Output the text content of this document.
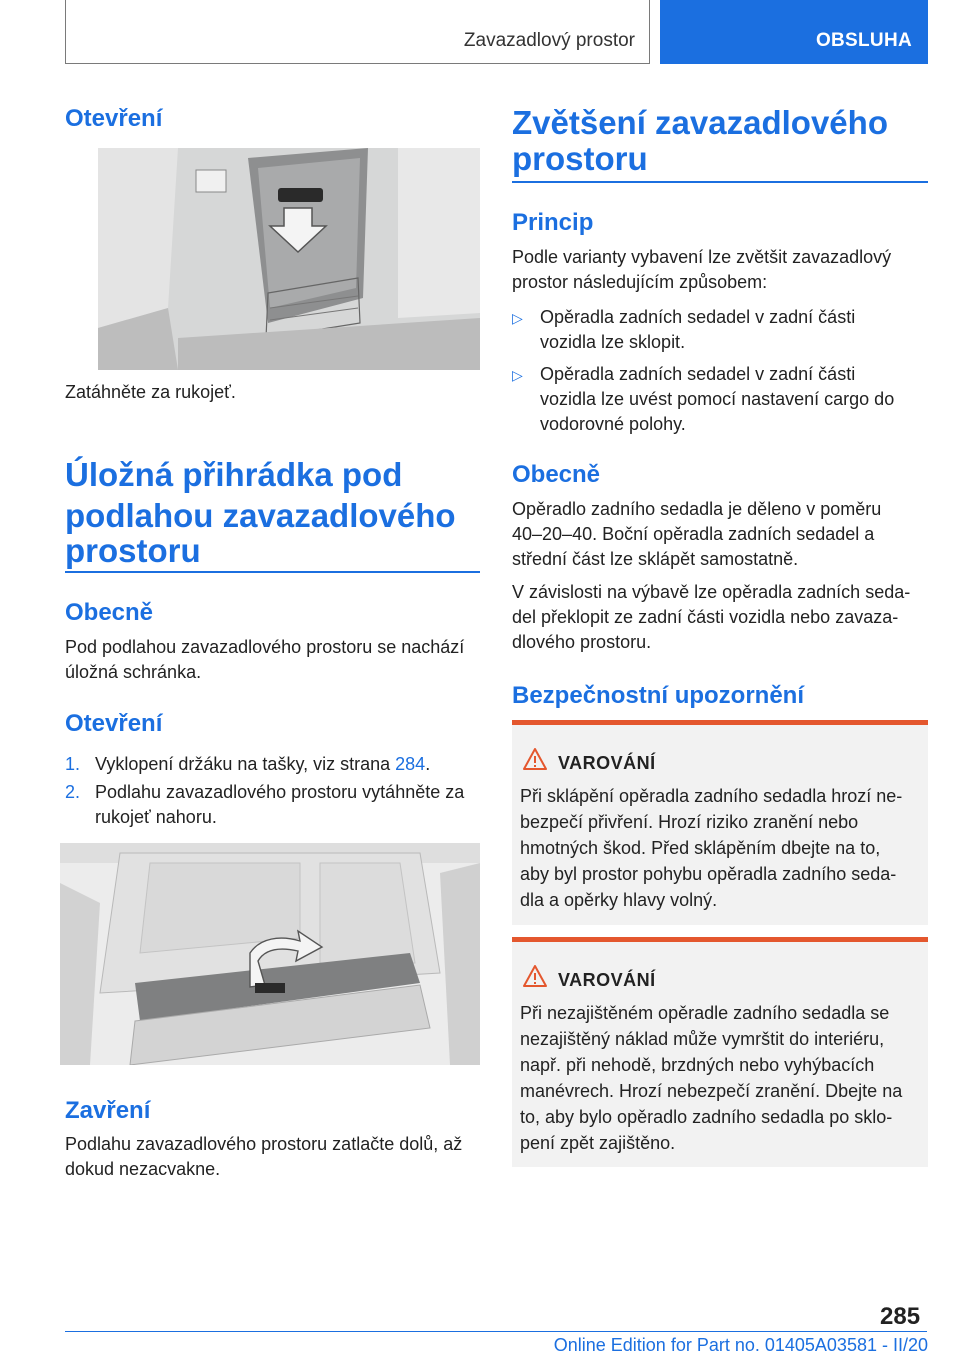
Zavazadlový prostor	OBSLUHA
Otevření
Zatáhněte za rukojeť.
Úložná přihrádka pod
podlahou zavazadlového
prostoru
Obecně
Pod podlahou zavazadlového prostoru se nachází
úložná schránka.
Otevření
1. Vyklopení držáku na tašky, viz strana 284.
2. Podlahu zavazadlového prostoru vytáhněte za
rukojeť nahoru.
Zavření
Podlahu zavazadlového prostoru zatlačte dolů, až
dokud nezacvakne.
Zvětšení zavazadlového
prostoru
Princip
Podle varianty vybavení lze zvětšit zavazadlový
prostor následujícím způsobem:
▷ Opěradla zadních sedadel v zadní části
vozidla lze sklopit.
▷ Opěradla zadních sedadel v zadní části
vozidla lze uvést pomocí nastavení cargo do
vodorovné polohy.
Obecně
Opěradlo zadního sedadla je děleno v poměru
40–20–40. Boční opěradla zadních sedadel a
střední část lze sklápět samostatně.
V závislosti na výbavě lze opěradla zadních seda-
del překlopit ze zadní části vozidla nebo zavaza-
dlového prostoru.
Bezpečnostní upozornění
VAROVÁNÍ
Při sklápění opěradla zadního sedadla hrozí ne-
bezpečí přivření. Hrozí riziko zranění nebo
hmotných škod. Před sklápěním dbejte na to,
aby byl prostor pohybu opěradla zadního seda-
dla a opěrky hlavy volný.
VAROVÁNÍ
Při nezajištěném opěradle zadního sedadla se
nezajištěný náklad může vymrštit do interiéru,
např. při nehodě, brzdných nebo vyhýbacích
manévrech. Hrozí nebezpečí zranění. Dbejte na
to, aby bylo opěradlo zadního sedadla po sklo-
pení zpět zajištěno.
285
Online Edition for Part no. 01405A03581 - II/20
